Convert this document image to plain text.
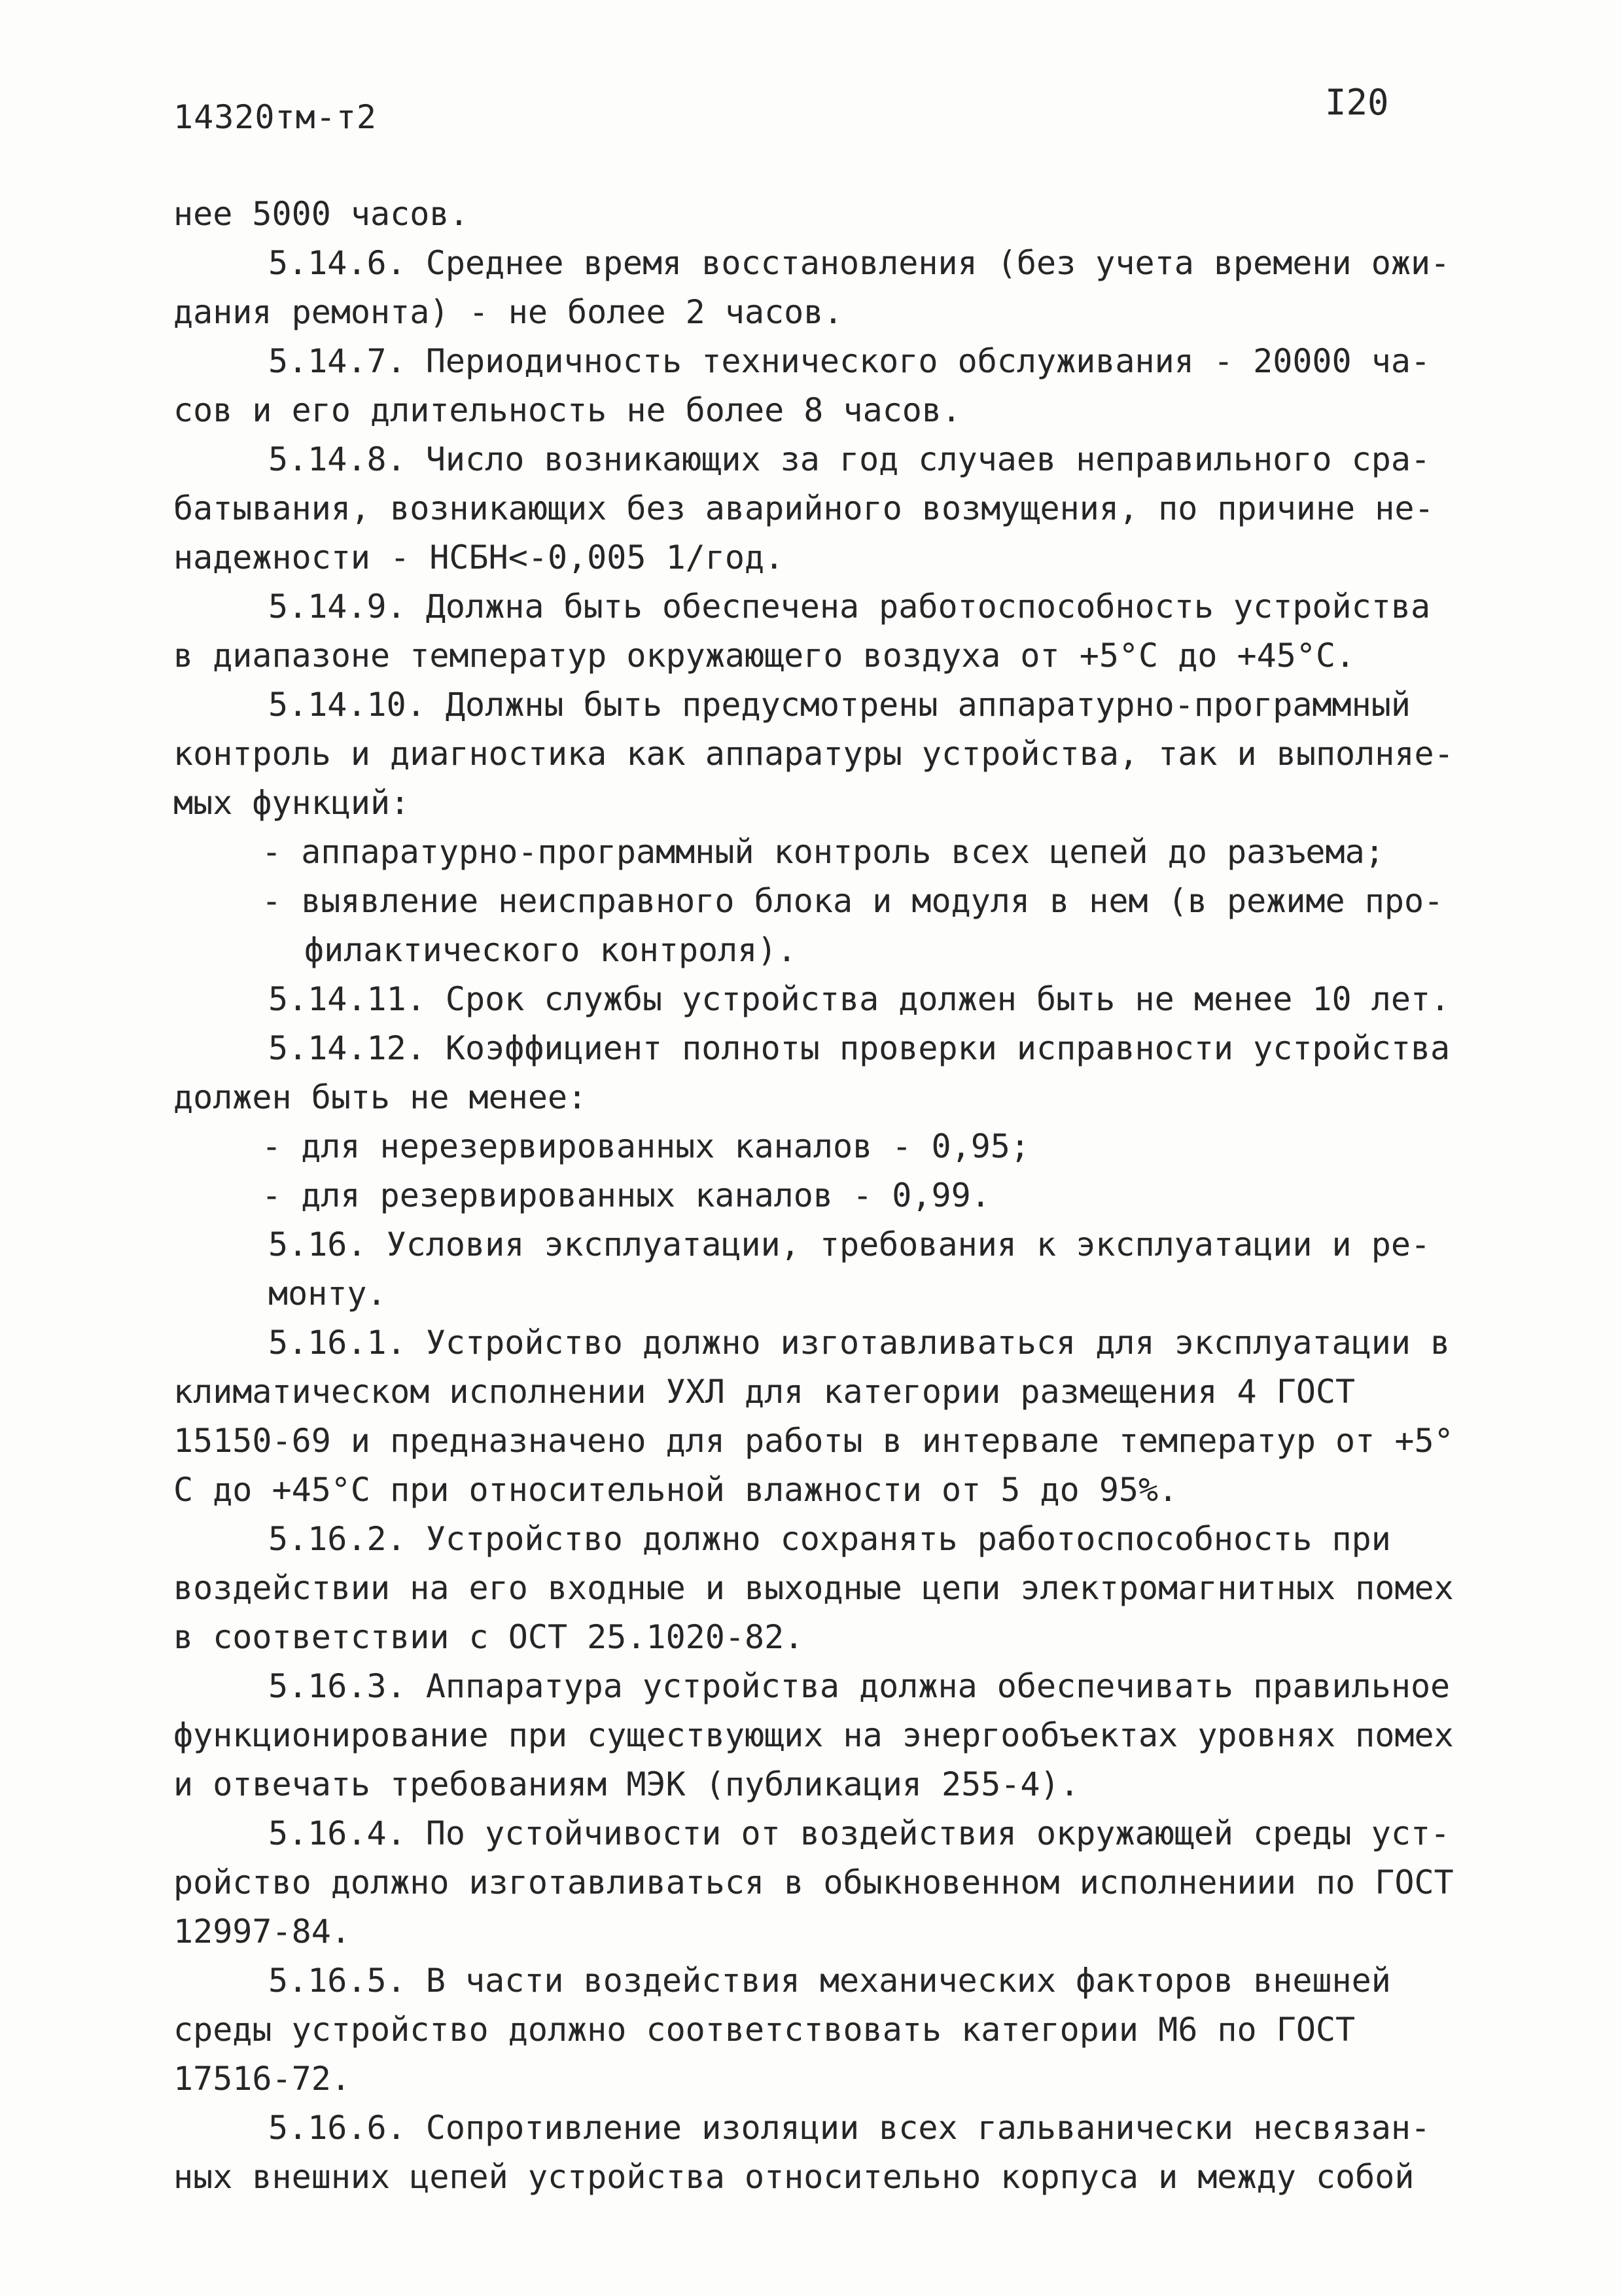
14320тм-т2	I20
нее 5000 часов.
5.14.6. Среднее время восстановления (без учета времени ожи-
дания ремонта) - не более 2 часов.
5.14.7. Периодичность технического обслуживания - 20000 ча-
сов и его длительность не более 8 часов.
5.14.8. Число возникающих за год случаев неправильного сра-
батывания, возникающих без аварийного возмущения, по причине не-
надежности - НСБН<-0,005 1/год.
5.14.9. Должна быть обеспечена работоспособность устройства
в диапазоне температур окружающего воздуха от +5°С до +45°С.
5.14.10. Должны быть предусмотрены аппаратурно-программный
контроль и диагностика как аппаратуры устройства, так и выполняе-
мых функций:
- аппаратурно-программный контроль всех цепей до разъема;
- выявление неисправного блока и модуля в нем (в режиме про-
филактического контроля).
5.14.11. Срок службы устройства должен быть не менее 10 лет.
5.14.12. Коэффициент полноты проверки исправности устройства
должен быть не менее:
- для нерезервированных каналов - 0,95;
- для резервированных каналов - 0,99.
5.16. Условия эксплуатации, требования к эксплуатации и ре-
монту.
5.16.1. Устройство должно изготавливаться для эксплуатации в
климатическом исполнении УХЛ для категории размещения 4 ГОСТ
15150-69 и предназначено для работы в интервале температур от +5°
С до +45°С при относительной влажности от 5 до 95%.
5.16.2. Устройство должно сохранять работоспособность при
воздействии на его входные и выходные цепи электромагнитных помех
в соответствии с ОСТ 25.1020-82.
5.16.3. Аппаратура устройства должна обеспечивать правильное
функционирование при существующих на энергообъектах уровнях помех
и отвечать требованиям МЭК (публикация 255-4).
5.16.4. По устойчивости от воздействия окружающей среды уст-
ройство должно изготавливаться в обыкновенном исполнениии по ГОСТ
12997-84.
5.16.5. В части воздействия механических факторов внешней
среды устройство должно соответствовать категории М6 по ГОСТ
17516-72.
5.16.6. Сопротивление изоляции всех гальванически несвязан-
ных внешних цепей устройства относительно корпуса и между собой
